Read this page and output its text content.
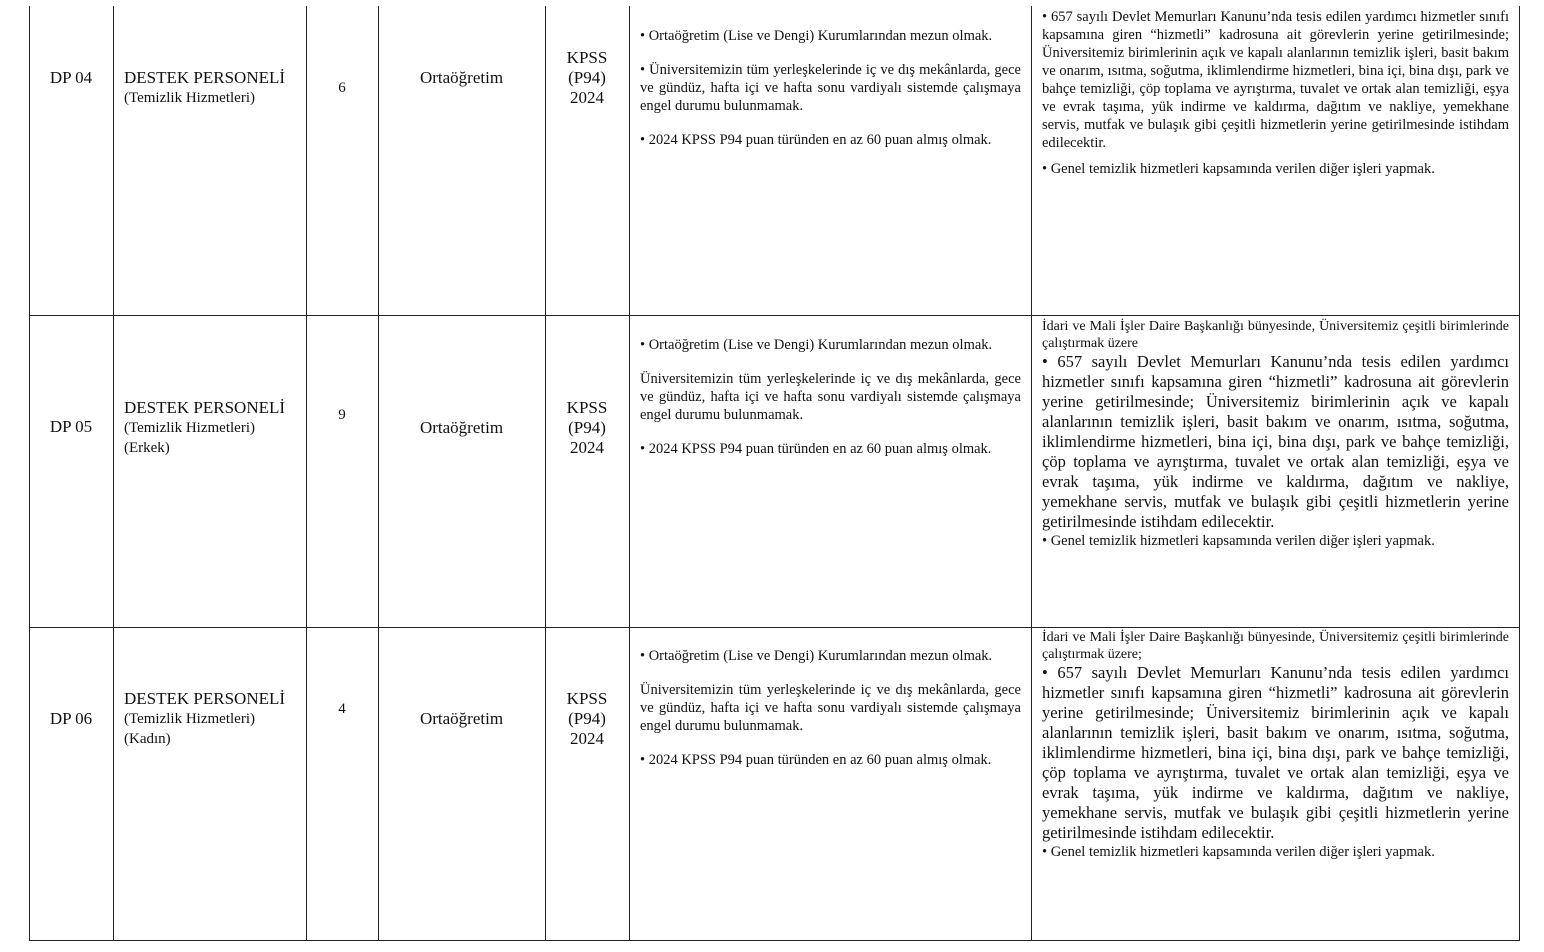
DP 04	DESTEK PERSONELİ
(Temizlik Hizmetleri)
6
Ortaöğretim
KPSS
(P94)
2024

• Ortaöğretim (Lise ve Dengi) Kurumlarından mezun olmak.

• Üniversitemizin tüm yerleşkelerinde iç ve dış mekânlarda, gece ve gündüz, hafta içi ve hafta sonu vardiyalı sistemde çalışmaya engel durumu bulunmamak.

• 2024 KPSS P94 puan türünden en az 60 puan almış olmak.

• 657 sayılı Devlet Memurları Kanunu’nda tesis edilen yardımcı hizmetler sınıfı kapsamına giren “hizmetli” kadrosuna ait görevlerin yerine getirilmesinde; Üniversitemiz birimlerinin açık ve kapalı alanlarının temizlik işleri, basit bakım ve onarım, ısıtma, soğutma, iklimlendirme hizmetleri, bina içi, bina dışı, park ve bahçe temizliği, çöp toplama ve ayrıştırma, tuvalet ve ortak alan temizliği, eşya ve evrak taşıma, yük indirme ve kaldırma, dağıtım ve nakliye, yemekhane servis, mutfak ve bulaşık gibi çeşitli hizmetlerin yerine getirilmesinde istihdam edilecektir.

• Genel temizlik hizmetleri kapsamında verilen diğer işleri yapmak.

DP 05
DESTEK PERSONELİ
(Temizlik Hizmetleri)
(Erkek)
9
Ortaöğretim
KPSS
(P94)
2024

• Ortaöğretim (Lise ve Dengi) Kurumlarından mezun olmak.

Üniversitemizin tüm yerleşkelerinde iç ve dış mekânlarda, gece ve gündüz, hafta içi ve hafta sonu vardiyalı sistemde çalışmaya engel durumu bulunmamak.

• 2024 KPSS P94 puan türünden en az 60 puan almış olmak.

İdari ve Mali İşler Daire Başkanlığı bünyesinde, Üniversitemiz çeşitli birimlerinde çalıştırmak üzere

• 657 sayılı Devlet Memurları Kanunu’nda tesis edilen yardımcı hizmetler sınıfı kapsamına giren “hizmetli” kadrosuna ait görevlerin yerine getirilmesinde; Üniversitemiz birimlerinin açık ve kapalı alanlarının temizlik işleri, basit bakım ve onarım, ısıtma, soğutma, iklimlendirme hizmetleri, bina içi, bina dışı, park ve bahçe temizliği, çöp toplama ve ayrıştırma, tuvalet ve ortak alan temizliği, eşya ve evrak taşıma, yük indirme ve kaldırma, dağıtım ve nakliye, yemekhane servis, mutfak ve bulaşık gibi çeşitli hizmetlerin yerine getirilmesinde istihdam edilecektir.

• Genel temizlik hizmetleri kapsamında verilen diğer işleri yapmak.

DP 06
DESTEK PERSONELİ
(Temizlik Hizmetleri)
(Kadın)
4	Ortaöğretim
KPSS
(P94)
2024

• Ortaöğretim (Lise ve Dengi) Kurumlarından mezun olmak.

Üniversitemizin tüm yerleşkelerinde iç ve dış mekânlarda, gece ve gündüz, hafta içi ve hafta sonu vardiyalı sistemde çalışmaya engel durumu bulunmamak.

• 2024 KPSS P94 puan türünden en az 60 puan almış olmak.

İdari ve Mali İşler Daire Başkanlığı bünyesinde, Üniversitemiz çeşitli birimlerinde çalıştırmak üzere;

• 657 sayılı Devlet Memurları Kanunu’nda tesis edilen yardımcı hizmetler sınıfı kapsamına giren “hizmetli” kadrosuna ait görevlerin yerine getirilmesinde; Üniversitemiz birimlerinin açık ve kapalı alanlarının temizlik işleri, basit bakım ve onarım, ısıtma, soğutma, iklimlendirme hizmetleri, bina içi, bina dışı, park ve bahçe temizliği, çöp toplama ve ayrıştırma, tuvalet ve ortak alan temizliği, eşya ve evrak taşıma, yük indirme ve kaldırma, dağıtım ve nakliye, yemekhane servis, mutfak ve bulaşık gibi çeşitli hizmetlerin yerine getirilmesinde istihdam edilecektir.

• Genel temizlik hizmetleri kapsamında verilen diğer işleri yapmak.
